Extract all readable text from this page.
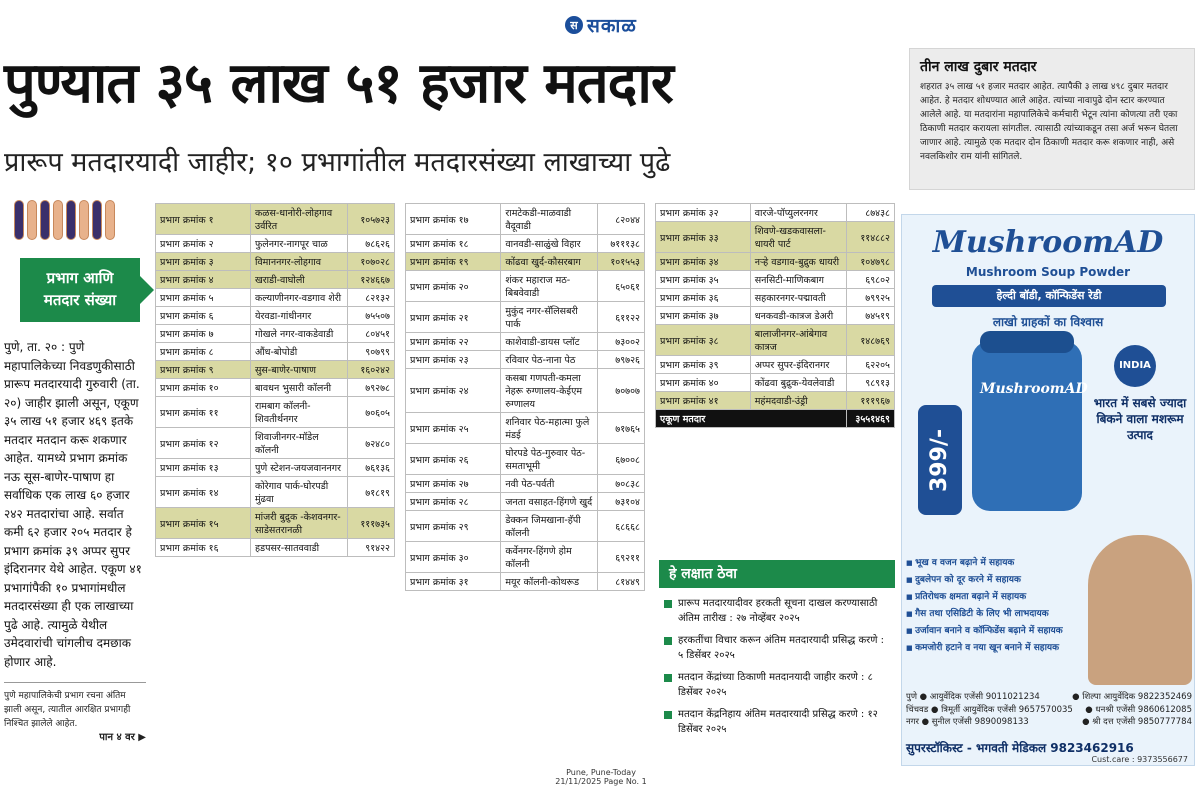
स सकाळ
पुण्यात ३५ लाख ५१ हजार मतदार
प्रारूप मतदारयादी जाहीर; १० प्रभागांतील मतदारसंख्या लाखाच्या पुढे
तीन लाख दुबार मतदार
शहरात ३५ लाख ५१ हजार मतदार आहेत. त्यापैकी ३ लाख ४९८ दुबार मतदार आहेत. हे मतदार शोधण्यात आले आहेत. त्यांच्या नावापुढे दोन स्टार करण्यात आलेले आहे. या मतदारांना महापालिकेचे कर्मचारी भेटून त्यांना कोणत्या तरी एका ठिकाणी मतदार करायला सांगतील. त्यासाठी त्यांच्याकडून तसा अर्ज भरून घेतला जाणार आहे. त्यामुळे एक मतदार दोन ठिकाणी मतदार करू शकणार नाही, असे नवलकिशोर राम यांनी सांगितले.
प्रभाग आणि
मतदार संख्या
पुणे, ता. २० : पुणे महापालिकेच्या निवडणुकीसाठी प्रारूप मतदारयादी गुरुवारी (ता. २०) जाहीर झाली असून, एकूण ३५ लाख ५१ हजार ४६९ इतके मतदार मतदान करू शकणार आहेत. यामध्ये प्रभाग क्रमांक नऊ सूस-बाणेर-पाषाण हा सर्वाधिक एक लाख ६० हजार २४२ मतदारांचा आहे. सर्वात कमी ६२ हजार २०५ मतदार हे प्रभाग क्रमांक ३९ अप्पर सुपर इंदिरानगर येथे आहेत. एकूण ४१ प्रभागांपैकी १० प्रभागांमधील मतदारसंख्या ही एक लाखाच्या पुढे आहे. त्यामुळे येथील उमेदवारांची चांगलीच दमछाक होणार आहे.
पुणे महापालिकेची प्रभाग रचना अंतिम झाली असून, त्यातील आरक्षित प्रभागही निश्चित झालेले आहेत.
पान ४ वर ▶
प्रभाग क्रमांक १	कळस-धानोरी-लोहगाव उर्वरित	१०५७२३
प्रभाग क्रमांक २	फुलेनगर-नागपूर चाळ	७८६२६
प्रभाग क्रमांक ३	विमाननगर-लोहगाव	१०७०२८
प्रभाग क्रमांक ४	खराडी-वाघोली	१२४६६७
प्रभाग क्रमांक ५	कल्याणीनगर-वडगाव शेरी	८२१३२
प्रभाग क्रमांक ६	येरवडा-गांधीनगर	७५५०७
प्रभाग क्रमांक ७	गोखले नगर-वाकडेवाडी	८०४५१
प्रभाग क्रमांक ८	औंध-बोपोडी	९०७९९
प्रभाग क्रमांक ९	सुस-बाणेर-पाषाण	१६०२४२
प्रभाग क्रमांक १०	बावधन भुसारी कॉलनी	७९२७८
प्रभाग क्रमांक ११	रामबाग कॉलनी-शिवतीर्थनगर	७०६०५
प्रभाग क्रमांक १२	शिवाजीनगर-मॉडेल कॉलनी	७२४८०
प्रभाग क्रमांक १३	पुणे स्टेशन-जयजवाननगर	७६१३६
प्रभाग क्रमांक १४	कोरेगाव पार्क-घोरपडी मुंढवा	७१८१९
प्रभाग क्रमांक १५	मांजरी बुद्रुक -केशवनगर-साडेसतरानळी	१११७३५
प्रभाग क्रमांक १६	हडपसर-सातववाडी	९१४२२
प्रभाग क्रमांक १७	रामटेकडी-माळवाडी वैदूवाडी	८२०४४
प्रभाग क्रमांक १८	वानवडी-साळुंखे विहार	७१११३८
प्रभाग क्रमांक १९	कोंढवा खुर्द-कौसरबाग	१०१५५३
प्रभाग क्रमांक २०	शंकर महाराज मठ-बिबवेवाडी	६५०६१
प्रभाग क्रमांक २१	मुकुंद नगर-सॅलिसबरी पार्क	६११२२
प्रभाग क्रमांक २२	काशेवाडी-डायस प्लॉट	७३००२
प्रभाग क्रमांक २३	रविवार पेठ-नाना पेठ	७९७२६
प्रभाग क्रमांक २४	कसबा गणपती-कमला नेहरू रुग्णालय-केईएम रुग्णालय	७०७०७
प्रभाग क्रमांक २५	शनिवार पेठ-महात्मा फुले मंडई	७१७६५
प्रभाग क्रमांक २६	घोरपडे पेठ-गुरुवार पेठ-समताभूमी	६७००८
प्रभाग क्रमांक २७	नवी पेठ-पर्वती	७०८३८
प्रभाग क्रमांक २८	जनता वसाहत-हिंगणे खुर्द	७३१०४
प्रभाग क्रमांक २९	डेक्कन जिमखाना-हॅपी कॉलनी	६८६६८
प्रभाग क्रमांक ३०	कर्वेनगर-हिंगणे होम कॉलनी	६९२११
प्रभाग क्रमांक ३१	मयूर कॉलनी-कोथरूड	८१४४९
प्रभाग क्रमांक ३२	वारजे-पॉप्युलरनगर	८७४३८
प्रभाग क्रमांक ३३	शिवणे-खडकवासला-धायरी पार्ट	११४८८२
प्रभाग क्रमांक ३४	नऱ्हे वडगाव-बुद्रुक धायरी	१०४७९८
प्रभाग क्रमांक ३५	सनसिटी-माणिकबाग	६९८०२
प्रभाग क्रमांक ३६	सहकारनगर-पद्मावती	७९९२५
प्रभाग क्रमांक ३७	धनकवडी-कात्रज डेअरी	७४५१९
प्रभाग क्रमांक ३८	बालाजीनगर-आंबेगाव कात्रज	१४८७६९
प्रभाग क्रमांक ३९	अप्पर सुपर-इंदिरानगर	६२२०५
प्रभाग क्रमांक ४०	कोंढवा बुद्रुक-येवलेवाडी	९८९१३
प्रभाग क्रमांक ४१	महंमदवाडी-उंड्री	१११९६७
एकूण मतदार		३५५१४६९
हे लक्षात ठेवा
प्रारूप मतदारयादीवर हरकती सूचना दाखल करण्यासाठी अंतिम तारीख : २७ नोव्हेंबर २०२५
हरकतींचा विचार करून अंतिम मतदारयादी प्रसिद्ध करणे : ५ डिसेंबर २०२५
मतदान केंद्रांच्या ठिकाणी मतदानयादी जाहीर करणे : ८ डिसेंबर २०२५
मतदान केंद्रनिहाय अंतिम मतदारयादी प्रसिद्ध करणे : १२ डिसेंबर २०२५
MushroomAD
Mushroom Soup Powder
हेल्दी बॉडी, कॉन्फिडेंस रेडी
लाखो ग्राहकों का विश्वास
MushroomAD
399/-
INDIA
भारत में सबसे ज्यादा बिकने वाला मशरूम उत्पाद
■ भूख व वजन बढ़ाने में सहायक
■ दुबलेपन को दूर करने में सहायक
■ प्रतिरोधक क्षमता बढ़ाने में सहायक
■ गैस तथा एसिडिटी के लिए भी लाभदायक
■ उर्जावान बनाने व कॉन्फिडेंस बढ़ाने में सहायक
■ कमजोरी हटाने व नया खून बनाने में सहायक
पुणे ● आयुर्वेदिक एजेंसी 9011021234	● शिल्पा आयुर्वेदिक 9822352469
चिंचवड ● त्रिमूर्ती आयुर्वेदिक एजेंसी 9657570035 ● धनश्री एजेंसी 9860612085
नगर ● सुनील एजेंसी 9890098133	● श्री दत्त एजेंसी 9850777784
सुपरस्टॉकिस्ट - भगवती मेडिकल 9823462916
Cust.care : 9373556677
Pune, Pune-Today
21/11/2025 Page No. 1
